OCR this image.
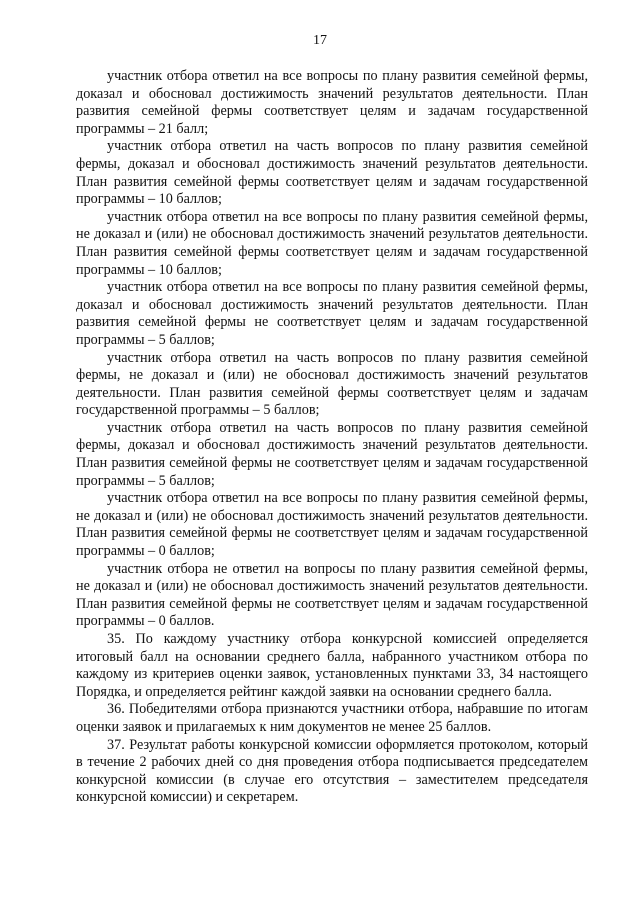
17

участник отбора ответил на все вопросы по плану развития семейной фермы, доказал и обосновал достижимость значений результатов деятельности. План развития семейной фермы соответствует целям и задачам государственной программы – 21 балл;

участник отбора ответил на часть вопросов по плану развития семейной фермы, доказал и обосновал достижимость значений результатов деятельности. План развития семейной фермы соответствует целям и задачам государственной программы – 10 баллов;

участник отбора ответил на все вопросы по плану развития семейной фермы, не доказал и (или) не обосновал достижимость значений результатов деятельности. План развития семейной фермы соответствует целям и задачам государственной программы – 10 баллов;

участник отбора ответил на все вопросы по плану развития семейной фермы, доказал и обосновал достижимость значений результатов деятельности. План развития семейной фермы не соответствует целям и задачам государственной программы – 5 баллов;

участник отбора ответил на часть вопросов по плану развития семейной фермы, не доказал и (или) не обосновал достижимость значений результатов деятельности. План развития семейной фермы соответствует целям и задачам государственной программы – 5 баллов;

участник отбора ответил на часть вопросов по плану развития семейной фермы, доказал и обосновал достижимость значений результатов деятельности. План развития семейной фермы не соответствует целям и задачам государственной программы – 5 баллов;

участник отбора ответил на все вопросы по плану развития семейной фермы, не доказал и (или) не обосновал достижимость значений результатов деятельности. План развития семейной фермы не соответствует целям и задачам государственной программы – 0 баллов;

участник отбора не ответил на вопросы по плану развития семейной фермы, не доказал и (или) не обосновал достижимость значений результатов деятельности. План развития семейной фермы не соответствует целям и задачам государственной программы – 0 баллов.

35. По каждому участнику отбора конкурсной комиссией определяется итоговый балл на основании среднего балла, набранного участником отбора по каждому из критериев оценки заявок, установленных пунктами 33, 34 настоящего Порядка, и определяется рейтинг каждой заявки на основании среднего балла.

36. Победителями отбора признаются участники отбора, набравшие по итогам оценки заявок и прилагаемых к ним документов не менее 25 баллов.

37. Результат работы конкурсной комиссии оформляется протоколом, который в течение 2 рабочих дней со дня проведения отбора подписывается председателем конкурсной комиссии (в случае его отсутствия – заместителем председателя конкурсной комиссии) и секретарем.
